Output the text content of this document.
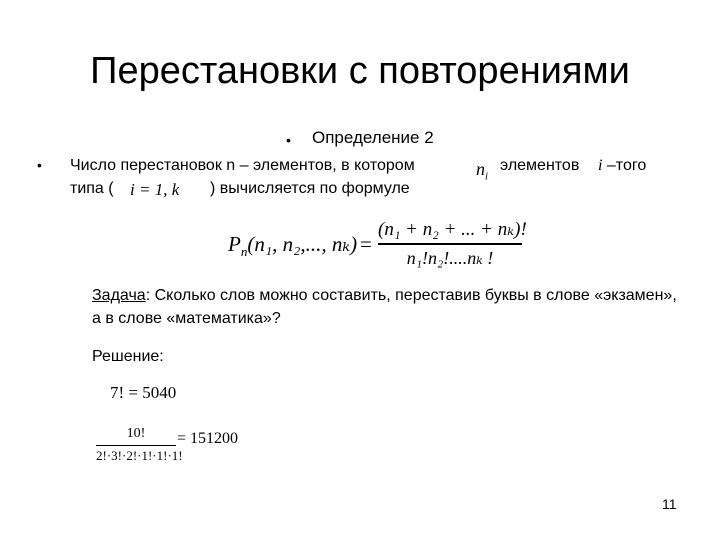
Перестановки с повторениями
• Определение 2
• Число перестановок n – элементов, в котором	$n_i$
элементов i –того
типа ( i = 1, k ) вычисляется по формуле
$P_n(n_1$, n₂,..., nₖ) =
(n₁ + n₂ + ... + nₖ)!
n₁!n₂!....nₖ !
Задача: Сколько слов можно составить, переставив буквы в слове «экзамен», а в слове «математика»?
Решение:
7! = 5040
10!
2!·3!·2!·1!·1!·1!
= 151200
11
